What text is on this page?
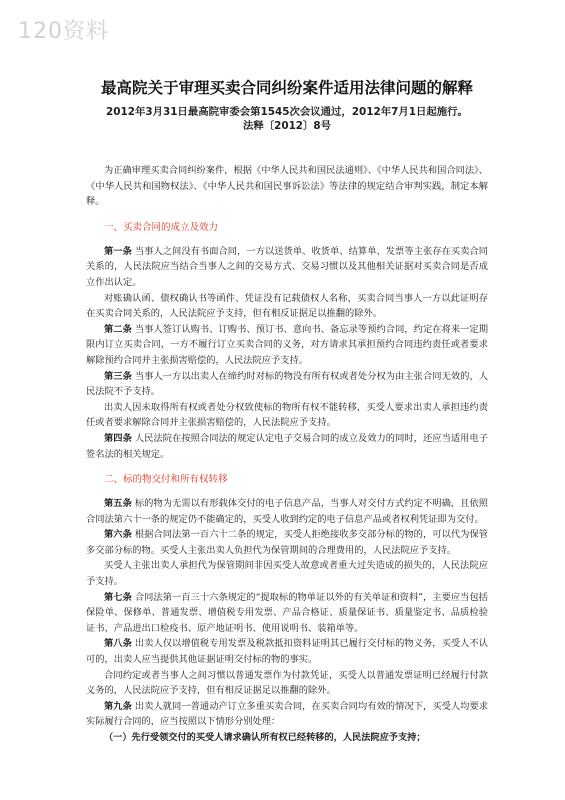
120资料
最高院关于审理买卖合同纠纷案件适用法律问题的解释
2012年3月31日最高院审委会第1545次会议通过，2012年7月1日起施行。
法释〔2012〕8号

为正确审理买卖合同纠纷案件，根据《中华人民共和国民法通则》、《中华人民共和国合同法》、《中华人民共和国物权法》、《中华人民共和国民事诉讼法》等法律的规定结合审判实践，制定本解释。

一、买卖合同的成立及效力

第一条 当事人之间没有书面合同，一方以送货单、收货单、结算单、发票等主张存在买卖合同关系的，人民法院应当结合当事人之间的交易方式、交易习惯以及其他相关证据对买卖合同是否成立作出认定。

对账确认函、债权确认书等函件、凭证没有记载债权人名称，买卖合同当事人一方以此证明存在买卖合同关系的，人民法院应予支持，但有相反证据足以推翻的除外。

第二条 当事人签订认购书、订购书、预订书、意向书、备忘录等预约合同，约定在将来一定期限内订立买卖合同，一方不履行订立买卖合同的义务，对方请求其承担预约合同违约责任或者要求解除预约合同并主张损害赔偿的，人民法院应予支持。

第三条 当事人一方以出卖人在缔约时对标的物没有所有权或者处分权为由主张合同无效的，人民法院不予支持。

出卖人因未取得所有权或者处分权致使标的物所有权不能转移，买受人要求出卖人承担违约责任或者要求解除合同并主张损害赔偿的，人民法院应予支持。

第四条 人民法院在按照合同法的规定认定电子交易合同的成立及效力的同时，还应当适用电子签名法的相关规定。

二、标的物交付和所有权转移

第五条 标的物为无需以有形载体交付的电子信息产品，当事人对交付方式约定不明确，且依照合同法第六十一条的规定仍不能确定的，买受人收到约定的电子信息产品或者权利凭证即为交付。

第六条 根据合同法第一百六十二条的规定，买受人拒绝接收多交部分标的物的，可以代为保管多交部分标的物。买受人主张出卖人负担代为保管期间的合理费用的，人民法院应予支持。

买受人主张出卖人承担代为保管期间非因买受人故意或者重大过失造成的损失的，人民法院应予支持。

第七条 合同法第一百三十六条规定的“提取标的物单证以外的有关单证和资料”，主要应当包括保险单、保修单、普通发票、增值税专用发票、产品合格证、质量保证书、质量鉴定书、品质检验证书、产品进出口检疫书、原产地证明书、使用说明书、装箱单等。

第八条 出卖人仅以增值税专用发票及税款抵扣资料证明其已履行交付标的物义务，买受人不认可的，出卖人应当提供其他证据证明交付标的物的事实。

合同约定或者当事人之间习惯以普通发票作为付款凭证，买受人以普通发票证明已经履行付款义务的，人民法院应予支持，但有相反证据足以推翻的除外。

第九条 出卖人就同一普通动产订立多重买卖合同，在买卖合同均有效的情况下，买受人均要求实际履行合同的，应当按照以下情形分别处理：

（一）先行受领交付的买受人请求确认所有权已经转移的，人民法院应予支持；
